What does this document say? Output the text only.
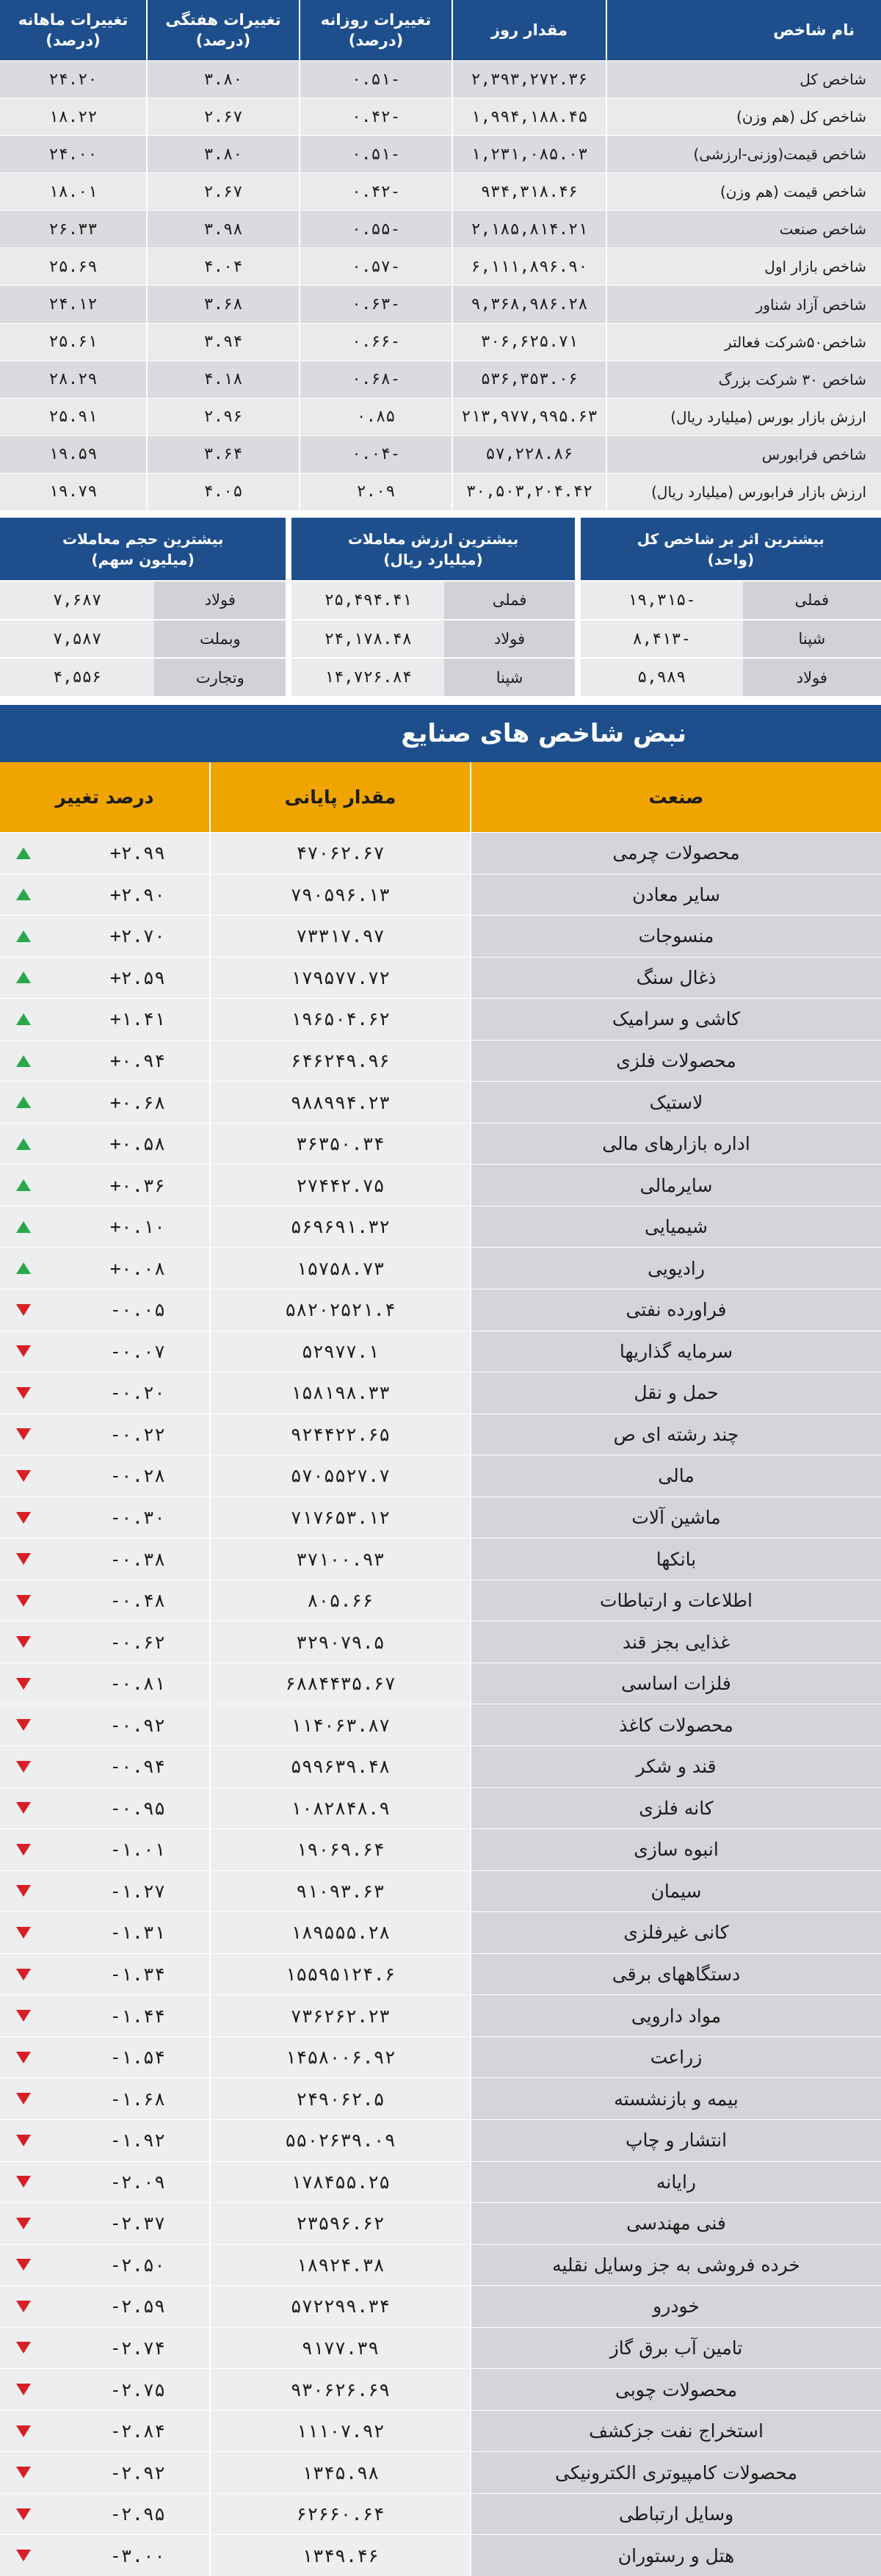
نام شاخص
مقدار روز
تغییرات روزانه
(درصد)
تغییرات هفتگی
(درصد)
تغییرات ماهانه
(درصد)
شاخص کل
۲,۳۹۳,۲۷۲.۳۶
-۰.۵۱
۳.۸۰
۲۴.۲۰
شاخص کل (هم وزن)
۱,۹۹۴,۱۸۸.۴۵
-۰.۴۲
۲.۶۷
۱۸.۲۲
شاخص قیمت(وزنی-ارزشی)
۱,۲۳۱,۰۸۵.۰۳
-۰.۵۱
۳.۸۰
۲۴.۰۰
شاخص قیمت (هم وزن)
۹۳۴,۳۱۸.۴۶
-۰.۴۲
۲.۶۷
۱۸.۰۱
شاخص صنعت
۲,۱۸۵,۸۱۴.۲۱
-۰.۵۵
۳.۹۸
۲۶.۳۳
شاخص بازار اول
۶,۱۱۱,۸۹۶.۹۰
-۰.۵۷
۴.۰۴
۲۵.۶۹
شاخص آزاد شناور
۹,۳۶۸,۹۸۶.۲۸
-۰.۶۳
۳.۶۸
۲۴.۱۲
شاخص۵۰شرکت فعالتر
۳۰۶,۶۲۵.۷۱
-۰.۶۶
۳.۹۴
۲۵.۶۱
شاخص ۳۰ شرکت بزرگ
۵۳۶,۳۵۳.۰۶
-۰.۶۸
۴.۱۸
۲۸.۲۹
ارزش بازار بورس (میلیارد ریال)
۲۱۳,۹۷۷,۹۹۵.۶۳
۰.۸۵
۲.۹۶
۲۵.۹۱
شاخص فرابورس
۵۷,۲۲۸.۸۶
-۰.۰۴
۳.۶۴
۱۹.۵۹
ارزش بازار فرابورس (میلیارد ریال)
۳۰,۵۰۳,۲۰۴.۴۲
۲.۰۹
۴.۰۵
۱۹.۷۹
بیشترین اثر بر شاخص کل
(واحد)
فملی
-۱۹,۳۱۵
شپنا
-۸,۴۱۳
فولاد
۵,۹۸۹
بیشترین ارزش معاملات
(میلیارد ریال)
فملی
۲۵,۴۹۴.۴۱
فولاد
۲۴,۱۷۸.۴۸
شپنا
۱۴,۷۲۶.۸۴
بیشترین حجم معاملات
(میلیون سهم)
فولاد
۷,۶۸۷
وبملت
۷,۵۸۷
وتجارت
۴,۵۵۶
نبض شاخص های صنایع
صنعت
مقدار پایانی
درصد تغییر
محصولات چرمی
۴۷۰۶۲.۶۷
+۲.۹۹
سایر معادن
۷۹۰۵۹۶.۱۳
+۲.۹۰
منسوجات
۷۳۳۱۷.۹۷
+۲.۷۰
ذغال سنگ
۱۷۹۵۷۷.۷۲
+۲.۵۹
کاشی و سرامیک
۱۹۶۵۰۴.۶۲
+۱.۴۱
محصولات فلزی
۶۴۶۲۴۹.۹۶
+۰.۹۴
لاستیک
۹۸۸۹۹۴.۲۳
+۰.۶۸
اداره بازارهای مالی
۳۶۳۵۰.۳۴
+۰.۵۸
سایرمالی
۲۷۴۴۲.۷۵
+۰.۳۶
شیمیایی
۵۶۹۶۹۱.۳۲
+۰.۱۰
رادیویی
۱۵۷۵۸.۷۳
+۰.۰۸
فراورده نفتی
۵۸۲۰۲۵۲۱.۴
-۰.۰۵
سرمایه گذاریها
۵۲۹۷۷.۱
-۰.۰۷
حمل و نقل
۱۵۸۱۹۸.۳۳
-۰.۲۰
چند رشته ای ص
۹۲۴۴۲۲.۶۵
-۰.۲۲
مالی
۵۷۰۵۵۲۷.۷
-۰.۲۸
ماشین آلات
۷۱۷۶۵۳.۱۲
-۰.۳۰
بانکها
۳۷۱۰۰.۹۳
-۰.۳۸
اطلاعات و ارتباطات
۸۰۵.۶۶
-۰.۴۸
غذایی بجز قند
۳۲۹۰۷۹.۵
-۰.۶۲
فلزات اساسی
۶۸۸۴۴۳۵.۶۷
-۰.۸۱
محصولات کاغذ
۱۱۴۰۶۳.۸۷
-۰.۹۲
قند و شکر
۵۹۹۶۳۹.۴۸
-۰.۹۴
کانه فلزی
۱۰۸۲۸۴۸.۹
-۰.۹۵
انبوه سازی
۱۹۰۶۹.۶۴
-۱.۰۱
سیمان
۹۱۰۹۳.۶۳
-۱.۲۷
کانی غیرفلزی
۱۸۹۵۵۵.۲۸
-۱.۳۱
دستگاههای برقی
۱۵۵۹۵۱۲۴.۶
-۱.۳۴
مواد دارویی
۷۳۶۲۶۲.۲۳
-۱.۴۴
زراعت
۱۴۵۸۰۰۶.۹۲
-۱.۵۴
بیمه و بازنشسته
۲۴۹۰۶۲.۵
-۱.۶۸
انتشار و چاپ
۵۵۰۲۶۳۹.۰۹
-۱.۹۲
رایانه
۱۷۸۴۵۵.۲۵
-۲.۰۹
فنی مهندسی
۲۳۵۹۶.۶۲
-۲.۳۷
خرده فروشی به جز وسایل نقلیه
۱۸۹۲۴.۳۸
-۲.۵۰
خودرو
۵۷۲۲۹۹.۳۴
-۲.۵۹
تامین آب برق گاز
۹۱۷۷.۳۹
-۲.۷۴
محصولات چوبی
۹۳۰۶۲۶.۶۹
-۲.۷۵
استخراج نفت جزکشف
۱۱۱۰۷.۹۲
-۲.۸۴
محصولات کامپیوتری الکترونیکی
۱۳۴۵.۹۸
-۲.۹۲
وسایل ارتباطی
۶۲۶۶۰.۶۴
-۲.۹۵
هتل و رستوران
۱۳۴۹.۴۶
-۳.۰۰
